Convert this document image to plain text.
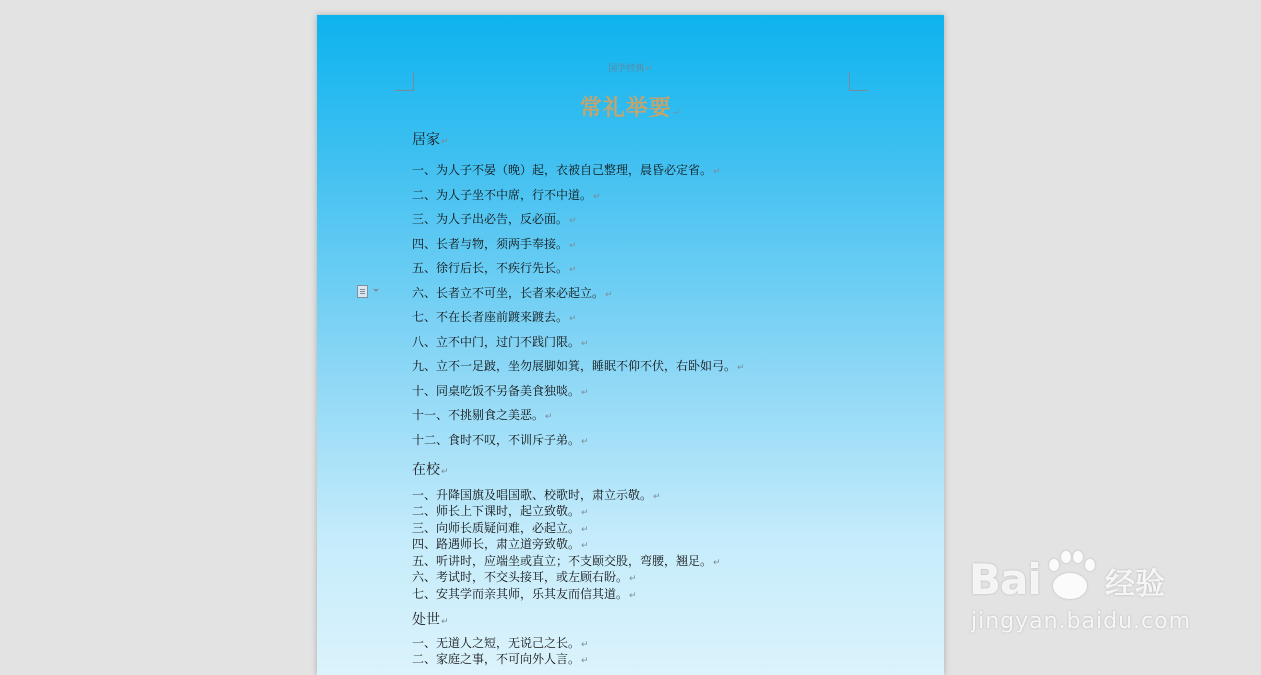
国学经典↵
常礼举要↵
居家↵
一、为人子不晏（晚）起，衣被自己整理，晨昏必定省。↵
二、为人子坐不中席，行不中道。↵
三、为人子出必告，反必面。↵
四、长者与物，须两手奉接。↵
五、徐行后长，不疾行先长。↵
六、长者立不可坐，长者来必起立。↵
七、不在长者座前踱来踱去。↵
八、立不中门，过门不践门限。↵
九、立不一足跛，坐勿展脚如箕，睡眠不仰不伏，右卧如弓。↵
十、同桌吃饭不另备美食独啖。↵
十一、不挑剔食之美恶。↵
十二、食时不叹，不训斥子弟。↵
在校↵
一、升降国旗及唱国歌、校歌时，肃立示敬。↵
二、师长上下课时，起立致敬。↵
三、向师长质疑问难，必起立。↵
四、路遇师长，肃立道旁致敬。↵
五、听讲时，应端坐或直立；不支颐交股，弯腰，翘足。↵
六、考试时，不交头接耳，或左顾右盼。↵
七、安其学而亲其师，乐其友而信其道。↵
处世↵
一、无道人之短，无说己之长。↵
二、家庭之事，不可向外人言。↵
Bai 经验
jingyan.baidu.com
